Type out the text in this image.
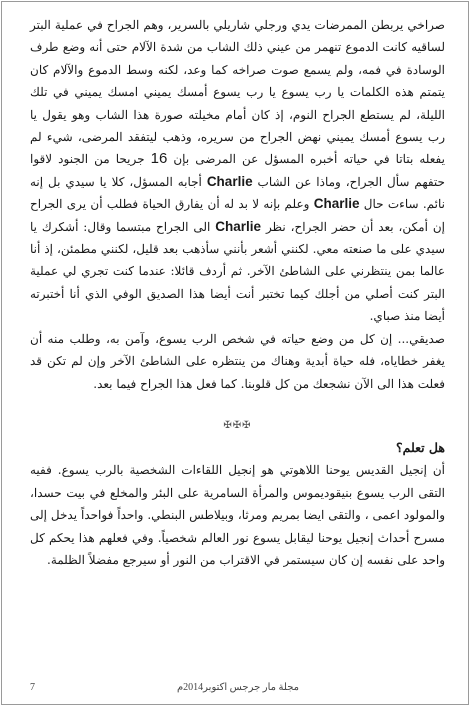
صراخي يربطن الممرضات يدي ورجلي شاريلي بالسرير، وهم الجراح في عملية البتر لساقيه كانت الدموع تنهمر من عيني ذلك الشاب من شدة الآلام حتى أنه وضع طرف الوسادة في فمه، ولم يسمع صوت صراخه كما وعد، لكنه وسط الدموع والآلام كان يتمتم هذه الكلمات يا رب يسوع يا رب يسوع أمسك يميني امسك يميني في تلك الليلة، لم يستطع الجراح النوم، إذ كان أمام مخيلته صورة هذا الشاب وهو يقول يا رب يسوع أمسك يميني نهض الجراح من سريره، وذهب ليتفقد المرضى، شيء لم يفعله بتاتا في حياته أخبره المسؤل عن المرضى بإن 16 جريحا من الجنود لاقوا حتفهم سأل الجراح، وماذا عن الشاب Charlie أجابه المسؤل، كلا يا سيدي بل إنه نائم. ساءت حال Charlie وعلم بإنه لا بد له أن يفارق الحياة فطلب أن يرى الجراح إن أمكن، بعد أن حضر الجراح، نظر Charlie الى الجراح مبتسما وقال: أشكرك يا سيدي على ما صنعته معي. لكنني أشعر بأنني سأذهب بعد قليل، لكنني مطمئن، إذ أنا عالما بمن ينتظرني على الشاطئ الآخر. ثم أردف قائلا: عندما كنت تجري لي عملية البتر كنت أصلي من أجلك كيما تختبر أنت أيضا هذا الصديق الوفي الذي أنا أختبرته أيضا منذ صباي.

صديقي... إن كل من وضع حياته في شخص الرب يسوع، وآمن به، وطلب منه أن يغفر خطاياه، فله حياة أبدية وهناك من ينتظره على الشاطئ الآخر وإن لم تكن قد فعلت هذا الى الآن نشجعك من كل قلوبنا. كما فعل هذا الجراح فيما بعد.

✠✠✠

هل تعلم؟

أن إنجيل القديس يوحنا اللاهوتي هو إنجيل اللقاءات الشخصية بالرب يسوع. ففيه التقى الرب يسوع بنيقوديموس والمرأة السامرية على البئر والمخلع في بيت حسدا، والمولود اعمى ، والتقى ايضا بمريم ومرثا، وبيلاطس البنطي. واحداً فواحداً يدخل إلى مسرح أحداث إنجيل يوحنا ليقابل يسوع نور العالم شخصياً. وفي فعلهم هذا يحكم كل واحد على نفسه إن كان سيستمر في الاقتراب من النور أو سيرجع مفضلاً الظلمة.

7	مجلة مار جرجس اكتوبر2014م
